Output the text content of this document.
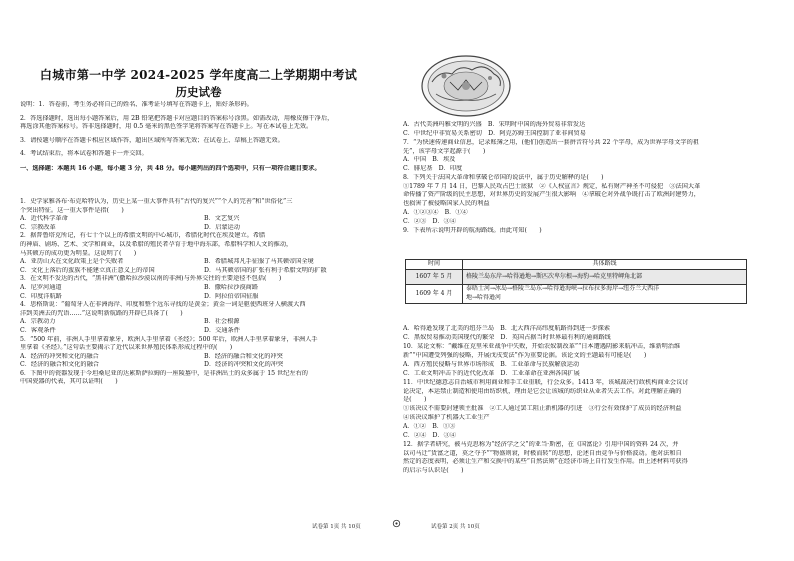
白城市第一中学 2024-2025 学年度高二上学期期中考试
历史试卷
说明：1．答卷前，考生务必将自己的姓名、准考证号填写在答题卡上，贴好条形码。
2．答选择题时，选出每小题答案后，用 2B 铅笔把答题卡对应题目的答案标号涂黑。如需改动，用橡皮擦干净后，
再选涂其他答案标号。答非选择题时，用 0.5 毫米的黑色签字笔将答案写在答题卡上。写在本试卷上无效。
3．请按题号顺序在答题卡相应区域作答，超出区域所写答案无效；在试卷上、草稿上答题无效。
4．考试结束后，将本试卷和答题卡一并交回。
一、选择题：本题共 16 小题，每小题 3 分，共 48 分。每小题列出的四个选项中，只有一项符合题目要求。
1．史学家雅各布·布克哈特认为，历史上某一重大事件具有“古代的复兴”“个人的完善”和“世俗化”三
个突出特征。这一重大事件是指(　　)
A．近代科学革命	B．文艺复兴
C．宗教改革	D．启蒙运动
2．据普鲁塔克所记，有七十个以上的希腊文明的中心城市，希腊化时代在埃及建立。希腊
的神庙、剧场、艺术、文学和商业，以及希腊的殖民者孕育于地中海东部，希腊科学和人文的推动，
马其顿方的成功更为明显。这说明了(　　)
A．亚历山大在文化政策上是个失败者	B．希腊城邦凡手征服了马其顿帝国全境
C．文化上落后的蛮族不能建立真正意义上的帝国	D．马其顿帝国的扩张有利于希腊文明的扩散
3．在文明不发达的古代，“黑非洲”(撒哈拉沙漠以南的非洲)与外界交往的主要途径不包括(　　)
A．尼罗河通道	B．撒哈拉沙漠商路
C．印度洋航路	D．阿拉伯帝国征服
4．思格斯说：“葡萄牙人在非洲海岸、印度和整个远东寻找的是黄金；黄金一词是驱使西班牙人横渡大西
洋到美洲去的咒语……”这说明新航路的开辟已具备了(　　)
A．宗教动力	B．社会根源
C．客观条件	D．交通条件
5．“500 年前，非洲人手里拿着象牙，欧洲人手里拿着《圣经》；500 年后，欧洲人手里拿着象牙，非洲人手
里拿着《圣经》。”这句话主要揭示了近代以来世界殖民体系形成过程中的(　　)
A．经济的冲突和文化的融合	B．经济的融合和文化的冲突
C．经济的融合和文化的融合	D．经济的冲突和文化的冲突
6．下图中的瓷器发现于今坦桑尼亚的达累斯萨拉姆的一座陵墓中，是非洲出土的众多属于 15 世纪左右的
中国瓷器的代表，其可以证明(　　)
试卷第 1页 共 10页
A．古代美洲玛雅文明的兴盛　B．宋明时中国的海外贸易非常发达
C．中世纪中非贸易关系密切　D．阿克苏姆王国控制了亚非间贸易
7．“为快速传递商业信息，记录账簿之用，(他们)创造出一套拼音符号共 22 个字母，成为世界字母文字的祖
先”，该字母文字起源于(　　)
A．中国　B．埃及
C．腓尼基　D．印度
8．下列关于法国大革命和拿破仑帝国的说法中，属于历史解释的是(　　)
①1789 年 7 月 14 日，巴黎人民攻占巴士底狱　②《人权宣言》规定，私有财产神圣不可侵犯　③法国大革
命传播了资产阶级的民主思想，对世界历史的发展产生很大影响　④拿破仑对外战争既打击了欧洲封建势力，
也损害了被侵略国家人民的利益
A．①②③④　B．①④
C．②③　D．③④
9．下表所示说明开辟的航海路线。由此可知(　　)
A．哈得逊发现了北美的纽芬兰岛　B．北大西洋高纬度航路得到进一步探索
C．黑奴贸易推动美国现代的繁荣　D．英国占据当时世界最有利的通商路线
10．某论文称：“戴维在克里米亚战争中失败，开始农奴制改革”“日本遭遇阴影来航冲击，维新明治维
新”“中国遭受列强的侵略，开展戊戌变法”作为重要论据。该论文的主题最有可能是(　　)
A．西方殖民侵略与世界市场形成　B．工业革命与民族解放运动
C．工业文明冲击下的近代化改革　D．工业革命在亚洲各国扩展
11．中世纪德意志自治城市利用商业和手工业重联，行会众多。1413 年，该城裁决行政机构商业会议讨
论决定，本运禁止制造和使用由纺织机，理由是它会让该城的纺织业从业者失去工作。对此理解正确的
是(　　)
①该决议不需要封建领主批准　②工人通过罢工阻止新机器的引进　③行会有效保护了成员的经济利益
④该决议维护了机器大工业生产
A．①②　B．①③
C．②④　D．③④
12．据学者研究，被马克思称为“经济学之父”的亚当·斯密，在《国富论》引用中国的资料 24 次，并
以司马迁“货富之道，莫之夺予”“物盛则衰，时极而转”的思想，论述自由竞争与价格波动。他对法和自
然定的态度表明，必须让生产和交换中的某些“自然法则”在经济市场上自行发生作用。由上述材料可获得
的启示与认识是(　　)
时间	具体路线
1607 年 5 月	格陵兰岛东岸→哈得逊地→斯匹次卑尔根→海豹→哈克里特岬角北部
1609 年 4 月	泰晤士河→冰岛→格陵兰岛东→哈得逊海峡→拉布拉多海岸→纽芬兰大西洋
	地→哈得逊河
试卷第 2页 共 10页
